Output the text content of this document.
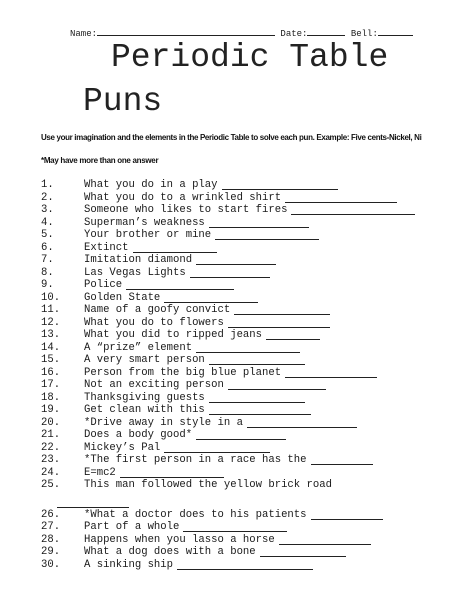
Name:	Date:	Bell:
Periodic Table
Puns
Use your imagination and the elements in the Periodic Table to solve each pun. Example: Five cents-Nickel, Ni
*May have more than one answer
1.	What you do in a play
2.	What you do to a wrinkled shirt
3.	Someone who likes to start fires
4.	Superman’s weakness
5.	Your brother or mine
6.	Extinct
7.	Imitation diamond
8.	Las Vegas Lights
9.	Police
10.	Golden State
11.	Name of a goofy convict
12.	What you do to flowers
13.	What you did to ripped jeans
14.	A “prize” element
15.	A very smart person
16.	Person from the big blue planet
17.	Not an exciting person
18.	Thanksgiving guests
19.	Get clean with this
20.	*Drive away in style in a
21.	Does a body good*
22.	Mickey’s Pal
23.	*The first person in a race has the
24.	E=mc2
25.	This man followed the yellow brick road
26.	*What a doctor does to his patients
27.	Part of a whole
28.	Happens when you lasso a horse
29.	What a dog does with a bone
30.	A sinking ship
